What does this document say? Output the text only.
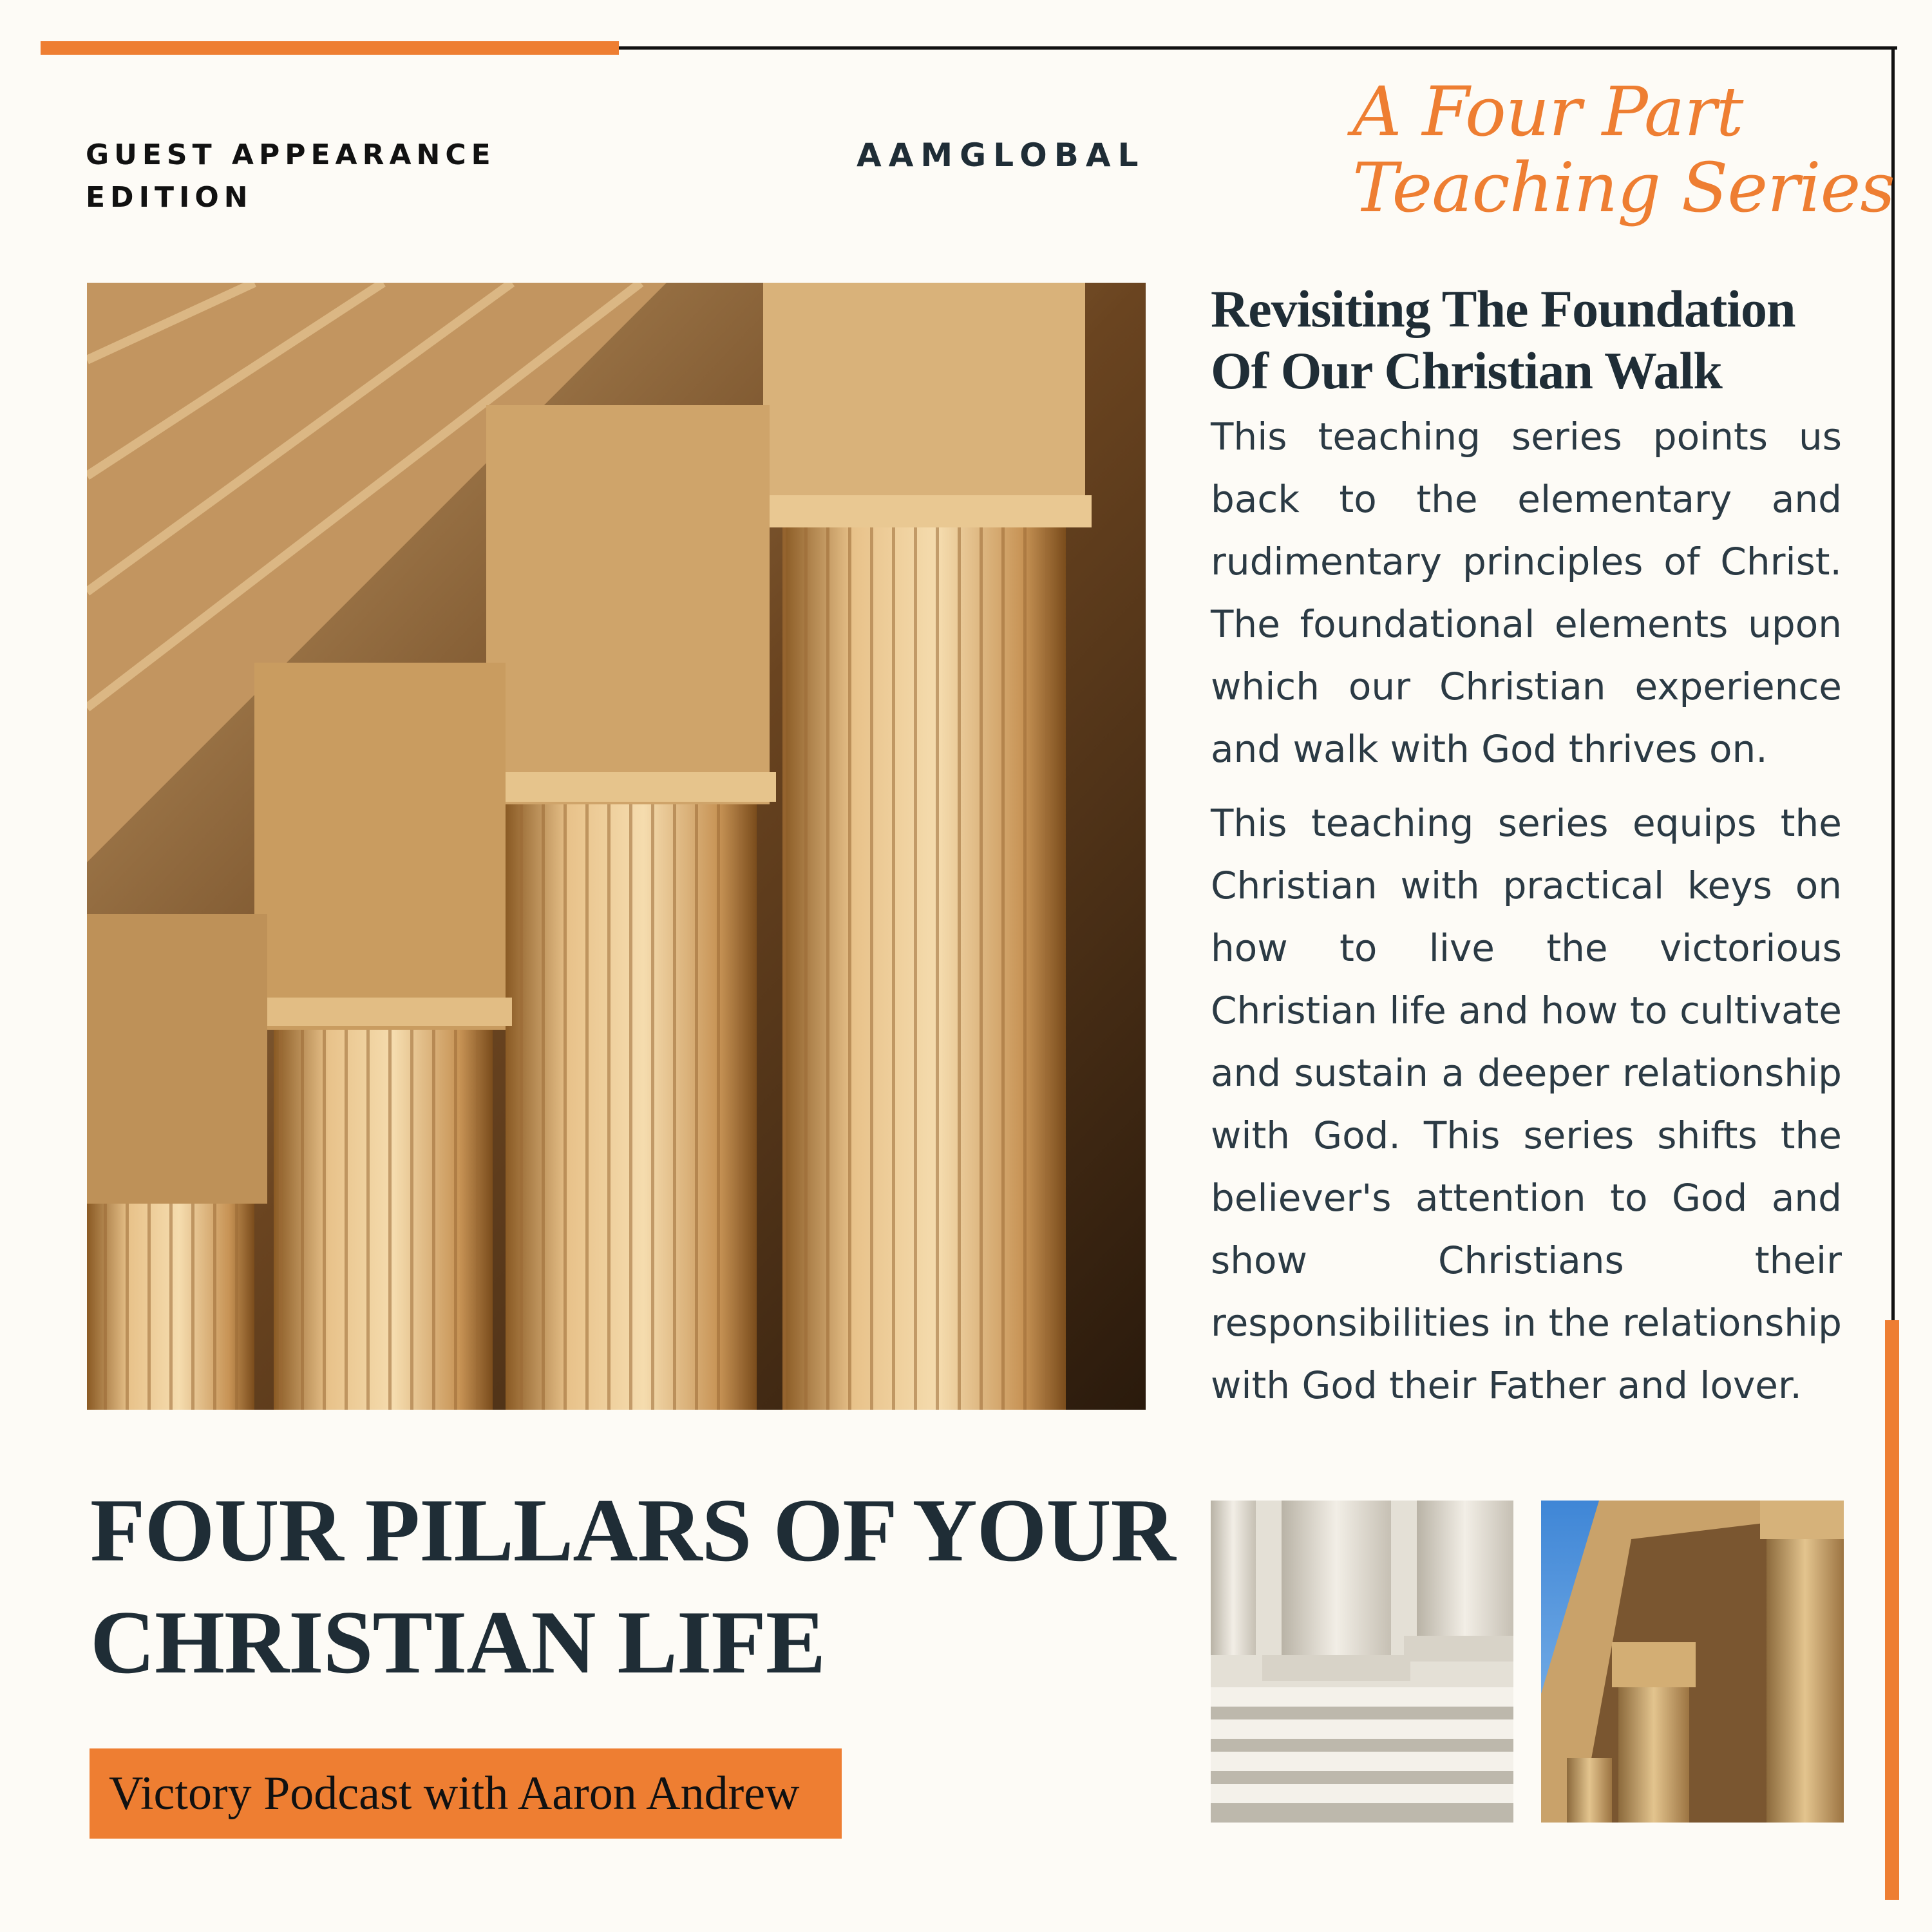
GUEST APPEARANCE
EDITION
AAMGLOBAL
A Four Part
Teaching Series
Revisiting The Foundation
Of Our Christian Walk

This teaching series points us back to the elementary and rudimentary principles of Christ. The foundational elements upon which our Christian experience and walk with God thrives on.

This teaching series equips the Christian with practical keys on how to live the victorious Christian life and how to cultivate and sustain a deeper relationship with God. This series shifts the believer's attention to God and show Christians their responsibilities in the relationship with God their Father and lover.

FOUR PILLARS OF YOUR
CHRISTIAN LIFE
Victory Podcast with Aaron Andrew
